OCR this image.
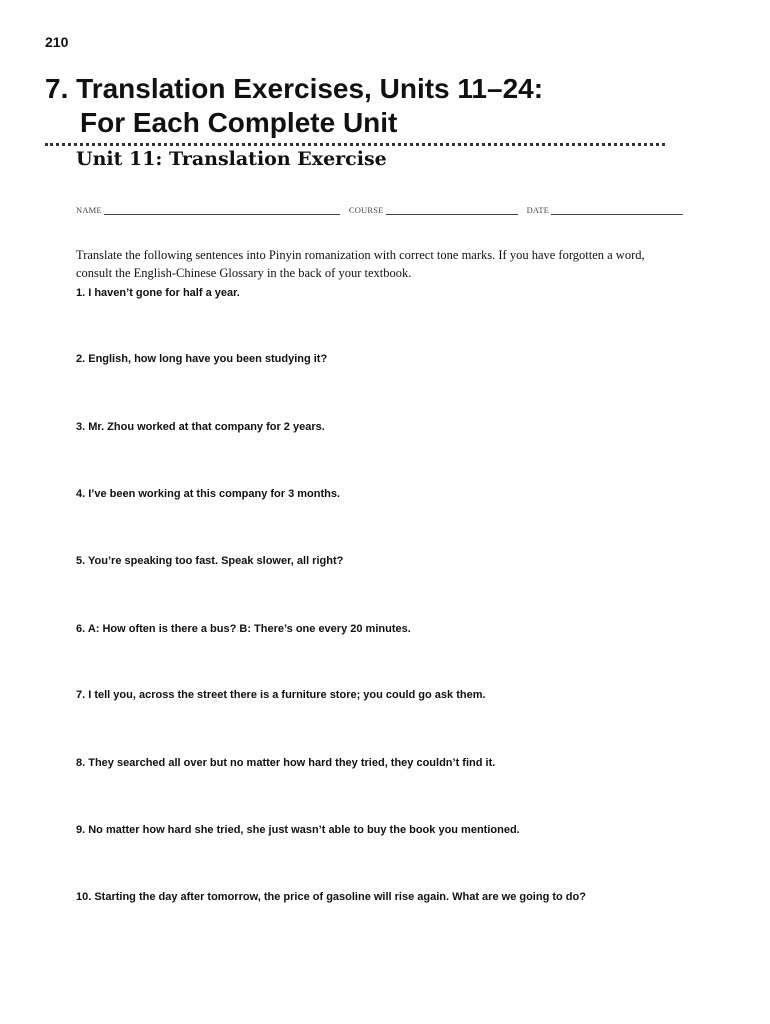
210
7. Translation Exercises, Units 11–24:
For Each Complete Unit
Unit 11: Translation Exercise
NAME	COURSE	DATE

Translate the following sentences into Pinyin romanization with correct tone marks. If you have forgotten a word, consult the English-Chinese Glossary in the back of your textbook.

1. I haven’t gone for half a year.
2. English, how long have you been studying it?
3. Mr. Zhou worked at that company for 2 years.
4. I’ve been working at this company for 3 months.
5. You’re speaking too fast. Speak slower, all right?
6. A: How often is there a bus? B: There’s one every 20 minutes.
7. I tell you, across the street there is a furniture store; you could go ask them.
8. They searched all over but no matter how hard they tried, they couldn’t find it.
9. No matter how hard she tried, she just wasn’t able to buy the book you mentioned.
10. Starting the day after tomorrow, the price of gasoline will rise again. What are we going to do?
